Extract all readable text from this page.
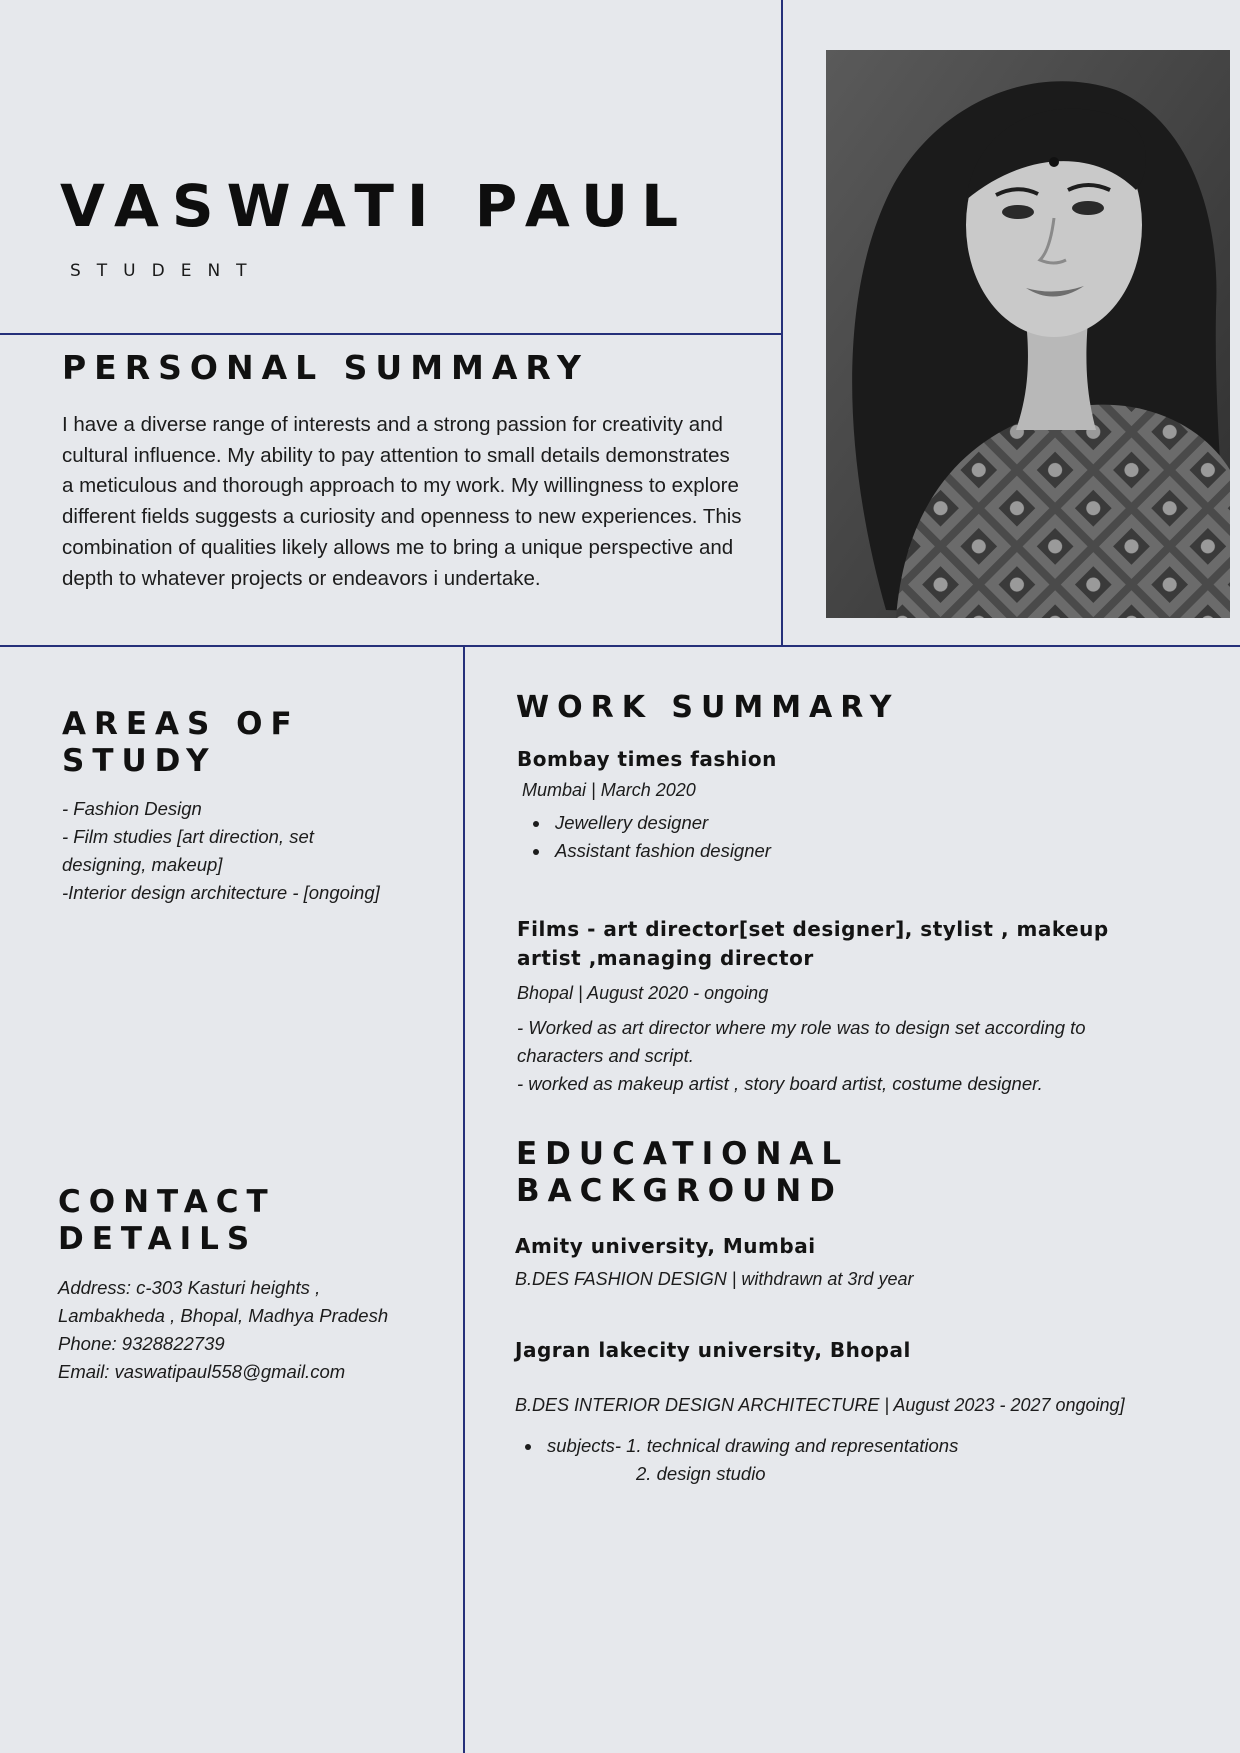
VASWATI PAUL

STUDENT

PERSONAL SUMMARY

I have a diverse range of interests and a strong passion for creativity and cultural influence. My ability to pay attention to small details demonstrates a meticulous and thorough approach to my work. My willingness to explore different fields suggests a curiosity and openness to new experiences. This combination of qualities likely allows me to bring a unique perspective and depth to whatever projects or endeavors i undertake.

AREAS OF STUDY
- Fashion Design
- Film studies [art direction, set designing, makeup]
-Interior design architecture - [ongoing]
CONTACT DETAILS
Address: c-303 Kasturi heights , Lambakheda , Bhopal, Madhya Pradesh
Phone: 9328822739
Email: vaswatipaul558@gmail.com
WORK SUMMARY

Bombay times fashion

Mumbai | March 2020

• Jewellery designer
• Assistant fashion designer

Films - art director[set designer], stylist , makeup artist ,managing director

Bhopal | August 2020 - ongoing

- Worked as art director where my role was to design set according to characters and script.

- worked as makeup artist , story board artist, costume designer.

EDUCATIONAL BACKGROUND

Amity university, Mumbai

B.DES FASHION DESIGN | withdrawn at 3rd year

Jagran lakecity university, Bhopal

B.DES INTERIOR DESIGN ARCHITECTURE | August 2023 - 2027 ongoing]

• subjects- 1. technical drawing and representations
2. design studio
